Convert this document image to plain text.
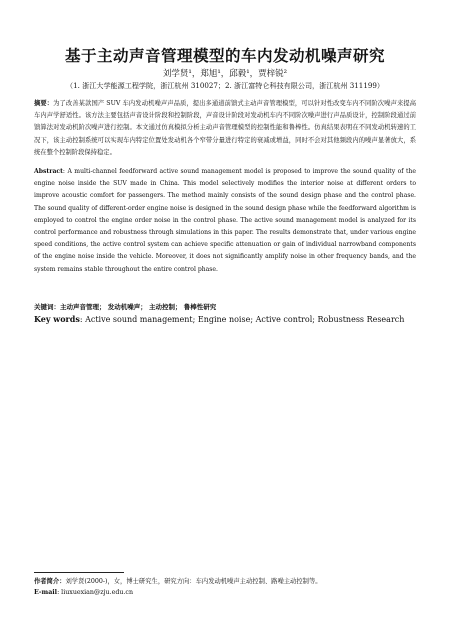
基于主动声音管理模型的车内发动机噪声研究
刘学贤¹，郑旭¹，邱毅¹，贾梓锐²
（1. 浙江大学能源工程学院，浙江杭州 310027；2. 浙江富特仑科技有限公司，浙江杭州 311199）
摘要：为了改善某款国产 SUV 车内发动机噪声声品质，提出多通道前馈式主动声音管理模型，可以针对性改变车内不同阶次噪声来提高车内声学舒适性。该方法主要包括声音设计阶段和控制阶段，声音设计阶段对发动机车内不同阶次噪声进行声品质设计，控制阶段通过前馈算法对发动机阶次噪声进行控制。本文通过仿真模拟分析主动声音管理模型的控制性能和鲁棒性。仿真结果表明在不同发动机转速的工况下，该主动控制系统可以实现车内特定位置处发动机各个窄带分量进行特定的衰减或增益，同时不会对其他频段内的噪声显著放大，系统在整个控制阶段保持稳定。
Abstract: A multi-channel feedforward active sound management model is proposed to improve the sound quality of the engine noise inside the SUV made in China. This model selectively modifies the interior noise at different orders to improve acoustic comfort for passengers. The method mainly consists of the sound design phase and the control phase. The sound quality of different-order engine noise is designed in the sound design phase while the feedforward algorithm is employed to control the engine order noise in the control phase. The active sound management model is analyzed for its control performance and robustness through simulations in this paper. The results demonstrate that, under various engine speed conditions, the active control system can achieve specific attenuation or gain of individual narrowband components of the engine noise inside the vehicle. Moreover, it does not significantly amplify noise in other frequency bands, and the system remains stable throughout the entire control phase.
关键词：主动声音管理； 发动机噪声； 主动控制； 鲁棒性研究
Key words: Active sound management; Engine noise; Active control; Robustness Research
作者简介：刘学贤(2000-)，女，博士研究生，研究方向：车内发动机噪声主动控制、路噪主动控制等。
E-mail: liuxuexian@zju.edu.cn
